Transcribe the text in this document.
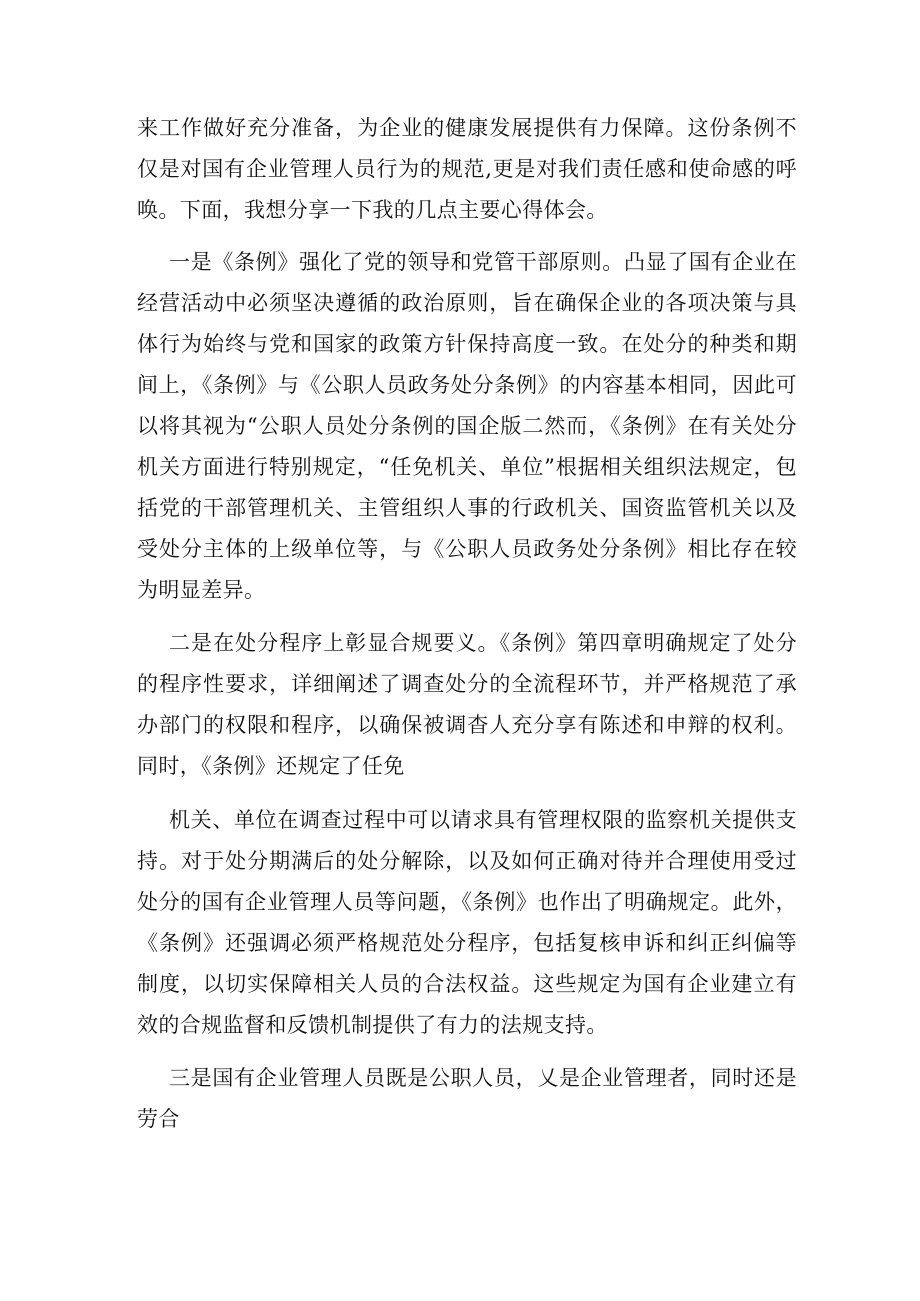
来工作做好充分准备，为企业的健康发展提供有力保障。这份条例不仅是对国有企业管理人员行为的规范,更是对我们责任感和使命感的呼唤。下面，我想分享一下我的几点主要心得体会。

一是《条例》强化了党的领导和党管干部原则。凸显了国有企业在经营活动中必须坚决遵循的政治原则，旨在确保企业的各项决策与具体行为始终与党和国家的政策方针保持高度一致。在处分的种类和期间上，《条例》与《公职人员政务处分条例》的内容基本相同，因此可以将其视为“公职人员处分条例的国企版二然而，《条例》在有关处分机关方面进行特别规定，“任免机关、单位”根据相关组织法规定，包括党的干部管理机关、主管组织人事的行政机关、国资监管机关以及受处分主体的上级单位等，与《公职人员政务处分条例》相比存在较为明显差异。

二是在处分程序上彰显合规要义。《条例》第四章明确规定了处分的程序性要求，详细阐述了调查处分的全流程环节，并严格规范了承办部门的权限和程序，以确保被调杳人充分享有陈述和申辩的权利。同时，《条例》还规定了任免

机关、单位在调查过程中可以请求具有管理权限的监察机关提供支持。对于处分期满后的处分解除，以及如何正确对待并合理使用受过处分的国有企业管理人员等问题，《条例》也作出了明确规定。此外，《条例》还强调必须严格规范处分程序，包括复核申诉和纠正纠偏等制度，以切实保障相关人员的合法权益。这些规定为国有企业建立有效的合规监督和反馈机制提供了有力的法规支持。

三是国有企业管理人员既是公职人员，乂是企业管理者，同时还是劳合
